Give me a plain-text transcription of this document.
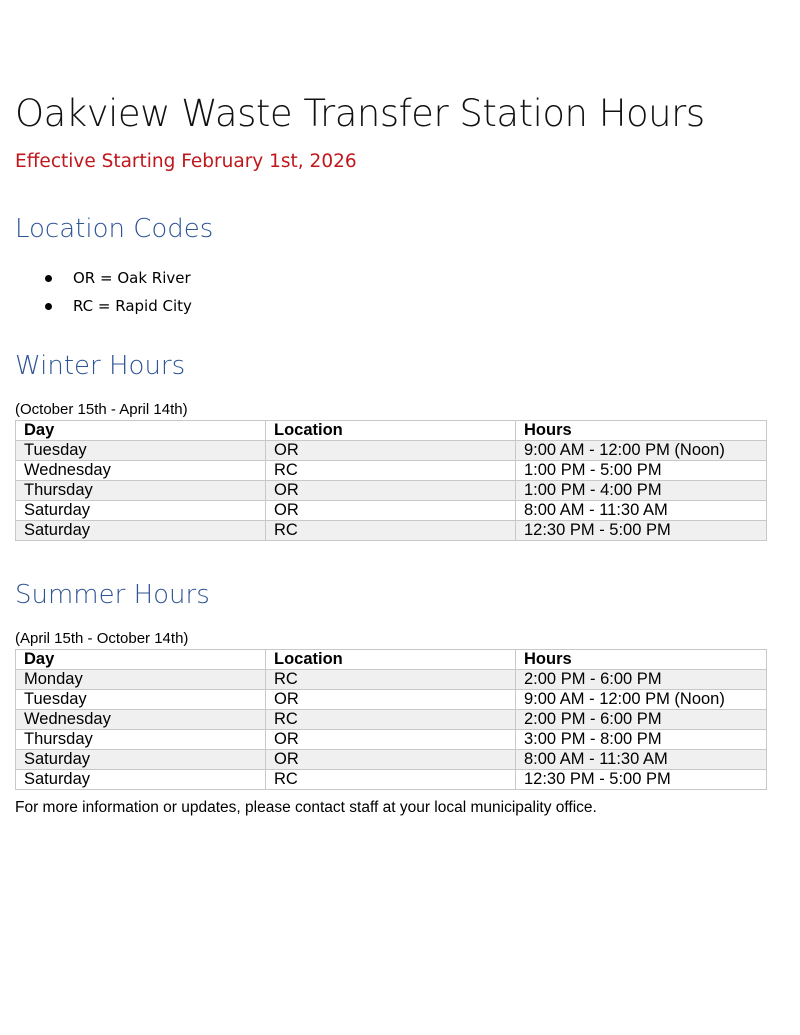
Oakview Waste Transfer Station Hours

Effective Starting February 1st, 2026

Location Codes
OR = Oak River
RC = Rapid City
Winter Hours
(October 15th - April 14th)
Day	Location	Hours
Tuesday	OR	9:00 AM - 12:00 PM (Noon)
Wednesday	RC	1:00 PM - 5:00 PM
Thursday	OR	1:00 PM - 4:00 PM
Saturday	OR	8:00 AM - 11:30 AM
Saturday	RC	12:30 PM - 5:00 PM
Summer Hours
(April 15th - October 14th)
Day	Location	Hours
Monday	RC	2:00 PM - 6:00 PM
Tuesday	OR	9:00 AM - 12:00 PM (Noon)
Wednesday	RC	2:00 PM - 6:00 PM
Thursday	OR	3:00 PM - 8:00 PM
Saturday	OR	8:00 AM - 11:30 AM
Saturday	RC	12:30 PM - 5:00 PM
For more information or updates, please contact staff at your local municipality office.
